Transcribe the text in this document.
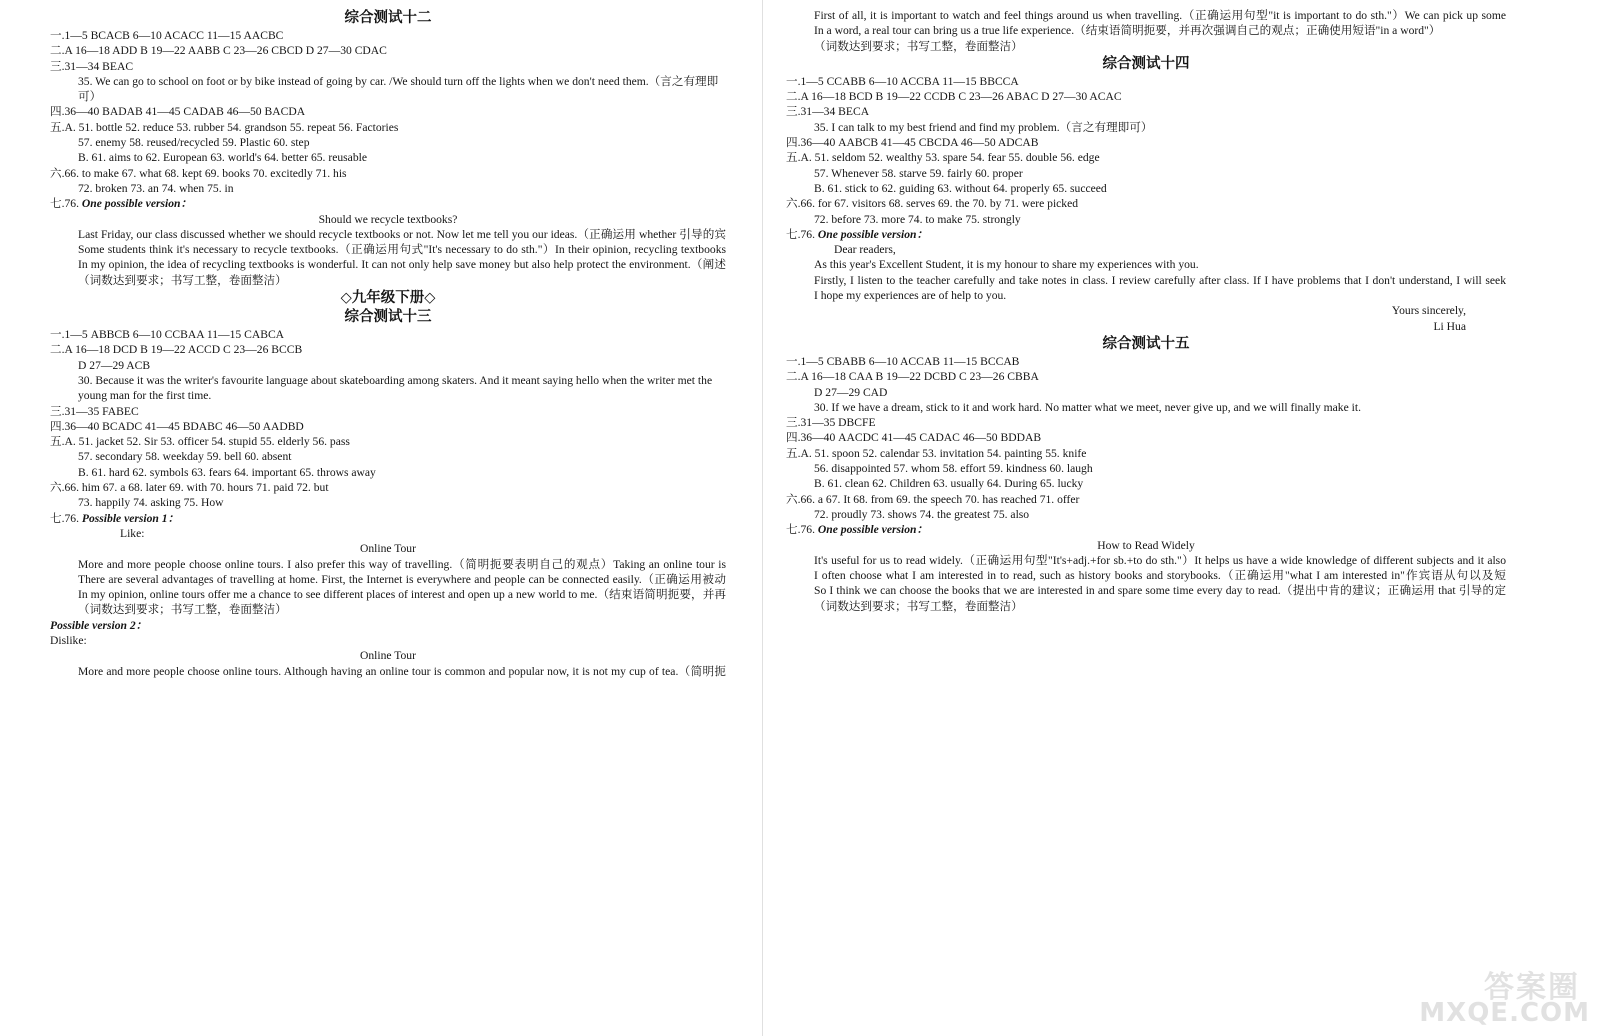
综合测试十二
一.1—5 BCACB 6—10 ACACC 11—15 AACBC
二.A 16—18 ADD B 19—22 AABB C 23—26 CBCD D 27—30 CDAC
三.31—34 BEAC
35. We can go to school on foot or by bike instead of going by car. /We should turn off the lights when we don't need them.（言之有理即可）
四.36—40 BADAB 41—45 CADAB 46—50 BACDA
五.A. 51. bottle 52. reduce 53. rubber 54. grandson 55. repeat 56. Factories
57. enemy 58. reused/recycled 59. Plastic 60. step
B. 61. aims to 62. European 63. world's 64. better 65. reusable
六.66. to make 67. what 68. kept 69. books 70. excitedly 71. his
72. broken 73. an 74. when 75. in
七.76. One possible version：
Should we recycle textbooks?
Last Friday, our class discussed whether we should recycle textbooks or not. Now let me tell you our ideas.（正确运用 whether 引导的宾
Some students think it's necessary to recycle textbooks.（正确运用句式"It's necessary to do sth."）In their opinion, recycling textbooks
In my opinion, the idea of recycling textbooks is wonderful. It can not only help save money but also help protect the environment.（阐述
（词数达到要求；书写工整，卷面整洁）
◇九年级下册◇
综合测试十三
一.1—5 ABBCB 6—10 CCBAA 11—15 CABCA
二.A 16—18 DCD B 19—22 ACCD C 23—26 BCCB
D 27—29 ACB
30. Because it was the writer's favourite language about skateboarding among skaters. And it meant saying hello when the writer met the young man for the first time.
三.31—35 FABEC
四.36—40 BCADC 41—45 BDABC 46—50 AADBD
五.A. 51. jacket 52. Sir 53. officer 54. stupid 55. elderly 56. pass
57. secondary 58. weekday 59. bell 60. absent
B. 61. hard 62. symbols 63. fears 64. important 65. throws away
六.66. him 67. a 68. later 69. with 70. hours 71. paid 72. but
73. happily 74. asking 75. How
七.76. Possible version 1：
Like:
Online Tour
More and more people choose online tours. I also prefer this way of travelling.（简明扼要表明自己的观点）Taking an online tour is
There are several advantages of travelling at home. First, the Internet is everywhere and people can be connected easily.（正确运用被动
In my opinion, online tours offer me a chance to see different places of interest and open up a new world to me.（结束语简明扼要，并再
（词数达到要求；书写工整，卷面整洁）
Possible version 2：
Dislike:
Online Tour
More and more people choose online tours. Although having an online tour is common and popular now, it is not my cup of tea.（简明扼
First of all, it is important to watch and feel things around us when travelling.（正确运用句型"it is important to do sth."）We can pick up some
In a word, a real tour can bring us a true life experience.（结束语简明扼要，并再次强调自己的观点；正确使用短语"in a word"）
（词数达到要求；书写工整，卷面整洁）
综合测试十四
一.1—5 CCABB 6—10 ACCBA 11—15 BBCCA
二.A 16—18 BCD B 19—22 CCDB C 23—26 ABAC D 27—30 ACAC
三.31—34 BECA
35. I can talk to my best friend and find my problem.（言之有理即可）
四.36—40 AABCB 41—45 CBCDA 46—50 ADCAB
五.A. 51. seldom 52. wealthy 53. spare 54. fear 55. double 56. edge
57. Whenever 58. starve 59. fairly 60. proper
B. 61. stick to 62. guiding 63. without 64. properly 65. succeed
六.66. for 67. visitors 68. serves 69. the 70. by 71. were picked
72. before 73. more 74. to make 75. strongly
七.76. One possible version：
Dear readers,
As this year's Excellent Student, it is my honour to share my experiences with you.
Firstly, I listen to the teacher carefully and take notes in class. I review carefully after class. If I have problems that I don't understand, I will seek
I hope my experiences are of help to you.
Yours sincerely,
Li Hua
综合测试十五
一.1—5 CBABB 6—10 ACCAB 11—15 BCCAB
二.A 16—18 CAA B 19—22 DCBD C 23—26 CBBA
D 27—29 CAD
30. If we have a dream, stick to it and work hard. No matter what we meet, never give up, and we will finally make it.
三.31—35 DBCFE
四.36—40 AACDC 41—45 CADAC 46—50 BDDAB
五.A. 51. spoon 52. calendar 53. invitation 54. painting 55. knife
56. disappointed 57. whom 58. effort 59. kindness 60. laugh
B. 61. clean 62. Children 63. usually 64. During 65. lucky
六.66. a 67. It 68. from 69. the speech 70. has reached 71. offer
72. proudly 73. shows 74. the greatest 75. also
七.76. One possible version：
How to Read Widely
It's useful for us to read widely.（正确运用句型"It's+adj.+for sb.+to do sth."）It helps us have a wide knowledge of different subjects and it also
I often choose what I am interested in to read, such as history books and storybooks.（正确运用"what I am interested in"作宾语从句以及短
So I think we can choose the books that we are interested in and spare some time every day to read.（提出中肯的建议；正确运用 that 引导的定
（词数达到要求；书写工整，卷面整洁）
答案圈
MXQE.COM
